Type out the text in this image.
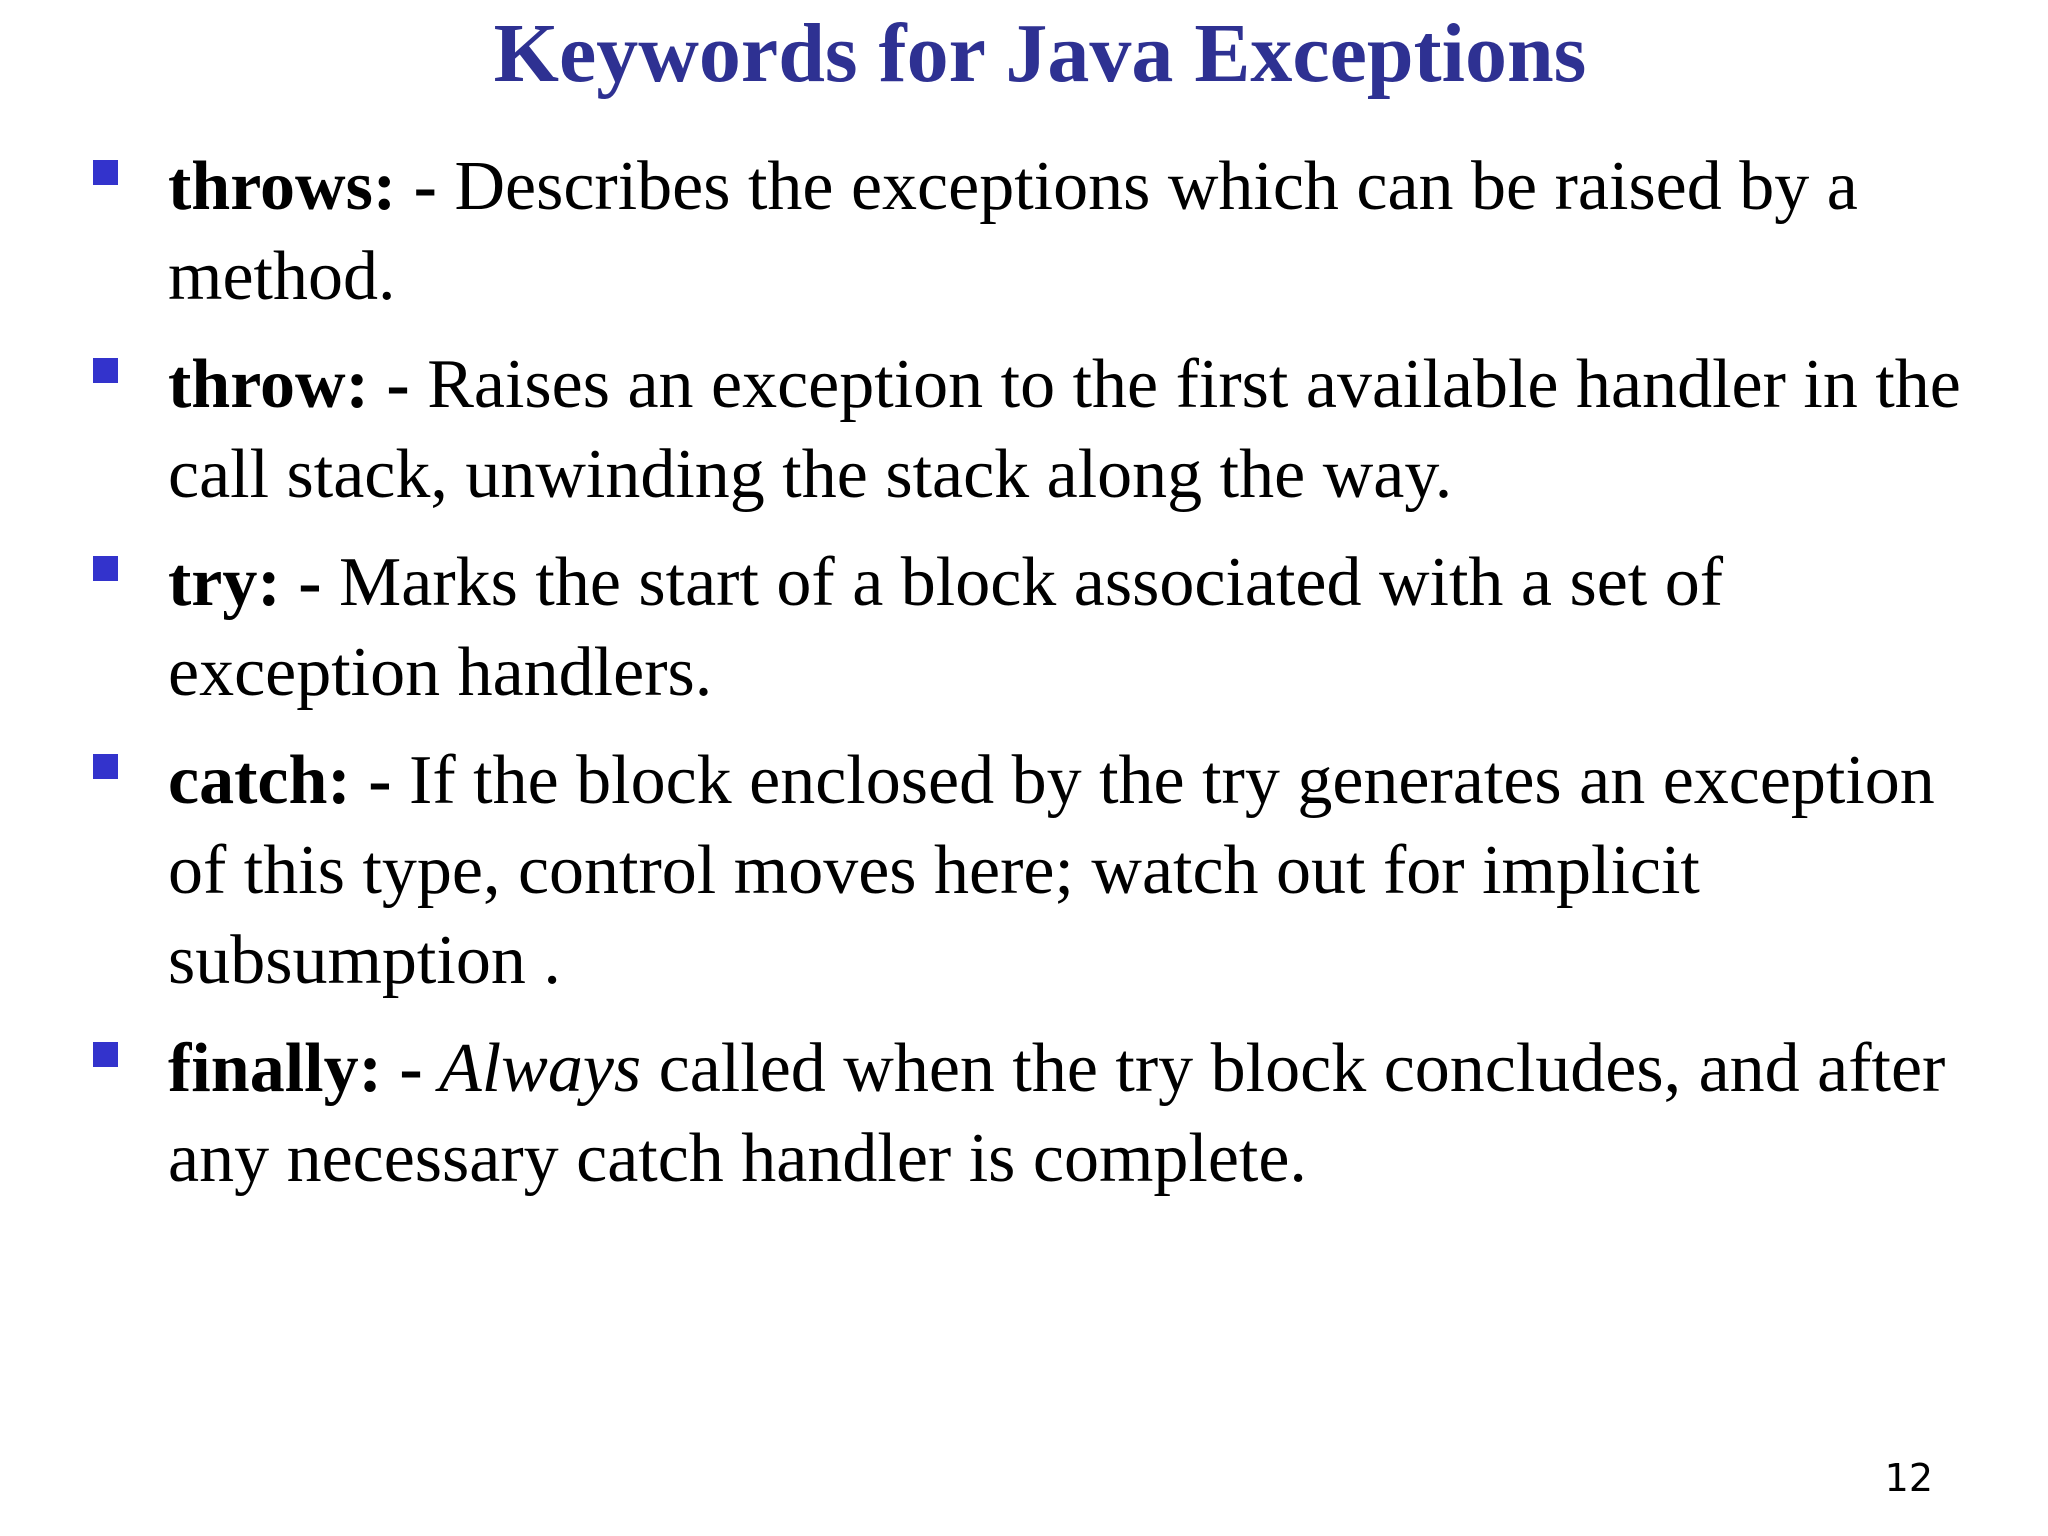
Keywords for Java Exceptions
throws: - Describes the exceptions which can be raised by a method.
throw: - Raises an exception to the first available handler in the call stack, unwinding the stack along the way.
try: - Marks the start of a block associated with a set of exception handlers.
catch: - If the block enclosed by the try generates an exception of this type, control moves here; watch out for implicit subsumption .
finally: - Always called when the try block concludes, and after any necessary catch handler is complete.
12
